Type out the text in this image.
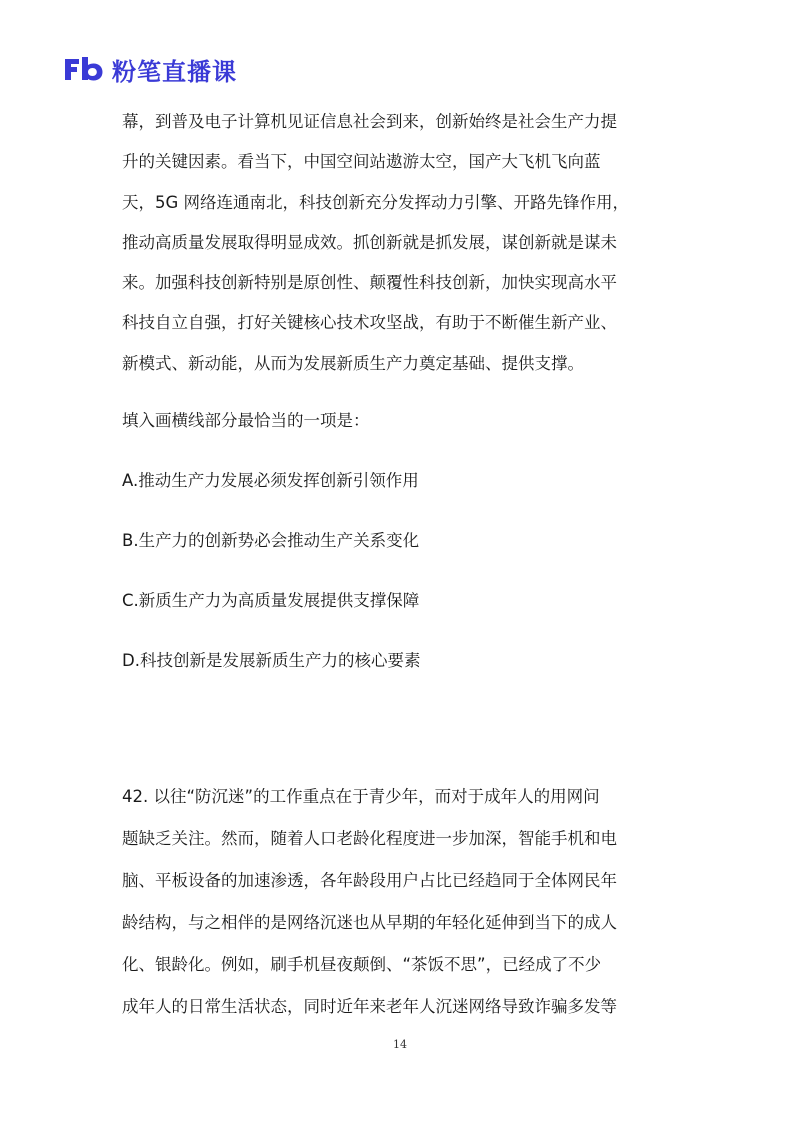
粉笔直播课

幕，到普及电子计算机见证信息社会到来，创新始终是社会生产力提
升的关键因素。看当下，中国空间站遨游太空，国产大飞机飞向蓝
天，5G 网络连通南北，科技创新充分发挥动力引擎、开路先锋作用，
推动高质量发展取得明显成效。抓创新就是抓发展，谋创新就是谋未
来。加强科技创新特别是原创性、颠覆性科技创新，加快实现高水平
科技自立自强，打好关键核心技术攻坚战，有助于不断催生新产业、
新模式、新动能，从而为发展新质生产力奠定基础、提供支撑。

填入画横线部分最恰当的一项是：

A.推动生产力发展必须发挥创新引领作用

B.生产力的创新势必会推动生产关系变化

C.新质生产力为高质量发展提供支撑保障

D.科技创新是发展新质生产力的核心要素

42. 以往“防沉迷”的工作重点在于青少年，而对于成年人的用网问
题缺乏关注。然而，随着人口老龄化程度进一步加深，智能手机和电
脑、平板设备的加速渗透，各年龄段用户占比已经趋同于全体网民年
龄结构，与之相伴的是网络沉迷也从早期的年轻化延伸到当下的成人
化、银龄化。例如，刷手机昼夜颠倒、“茶饭不思”，已经成了不少
成年人的日常生活状态，同时近年来老年人沉迷网络导致诈骗多发等
14
